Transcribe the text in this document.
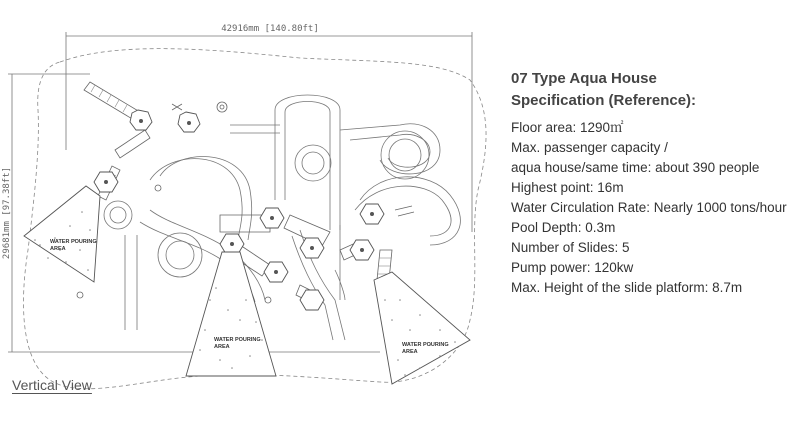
42916mm [140.80ft]
29681mm [97.38ft]	WATER POURING
AREA
WATER POURING
AREA	WATER POURING
AREA
Vertical View
07 Type Aqua House
Specification (Reference):
Floor area: 1290㎡
Max. passenger capacity /
aqua house/same time: about 390 people
Highest point: 16m
Water Circulation Rate: Nearly 1000 tons/hour
Pool Depth: 0.3m
Number of Slides: 5
Pump power: 120kw
Max. Height of the slide platform: 8.7m
